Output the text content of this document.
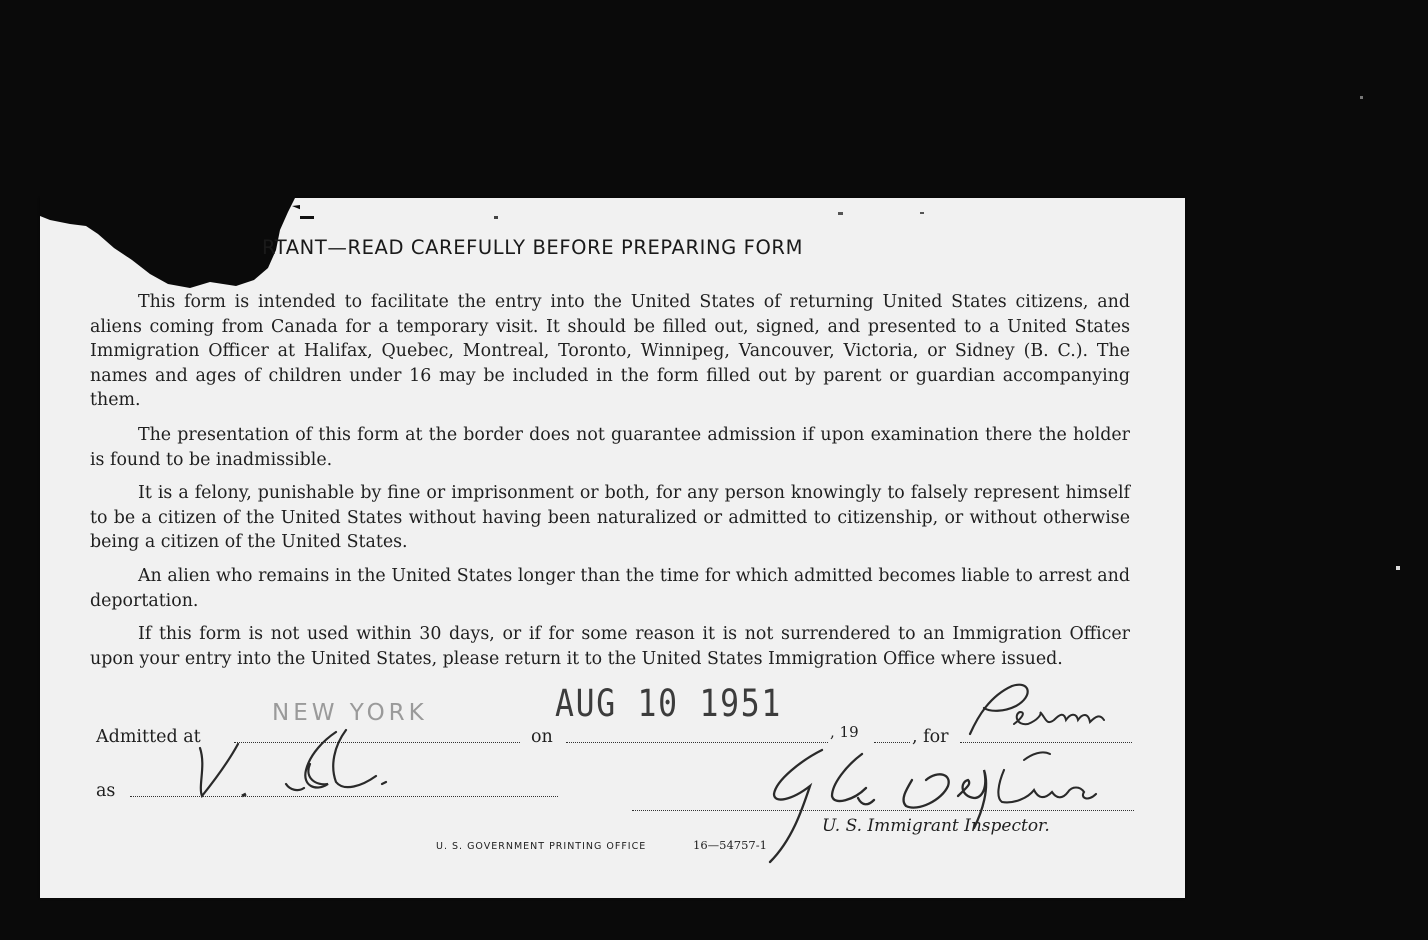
RTANT—READ CAREFULLY BEFORE PREPARING FORM

This form is intended to facilitate the entry into the United States of returning United States citizens, and aliens coming from Canada for a temporary visit. It should be filled out, signed, and presented to a United States Immigration Officer at Halifax, Quebec, Montreal, Toronto, Winnipeg, Vancouver, Victoria, or Sidney (B. C.). The names and ages of children under 16 may be included in the form filled out by parent or guardian accompanying them.

The presentation of this form at the border does not guarantee admission if upon examination there the holder is found to be inadmissible.

It is a felony, punishable by fine or imprisonment or both, for any person knowingly to falsely represent himself to be a citizen of the United States without having been naturalized or admitted to citizenship, or without otherwise being a citizen of the United States.

An alien who remains in the United States longer than the time for which admitted becomes liable to arrest and deportation.

If this form is not used within 30 days, or if for some reason it is not surrendered to an Immigration Officer upon your entry into the United States, please return it to the United States Immigration Office where issued.

NEW YORK	AUG 10 1951
Admitted at	on	, 19	, for
as
U. S. Immigrant Inspector.
U. S. GOVERNMENT PRINTING OFFICE	16—54757-1
